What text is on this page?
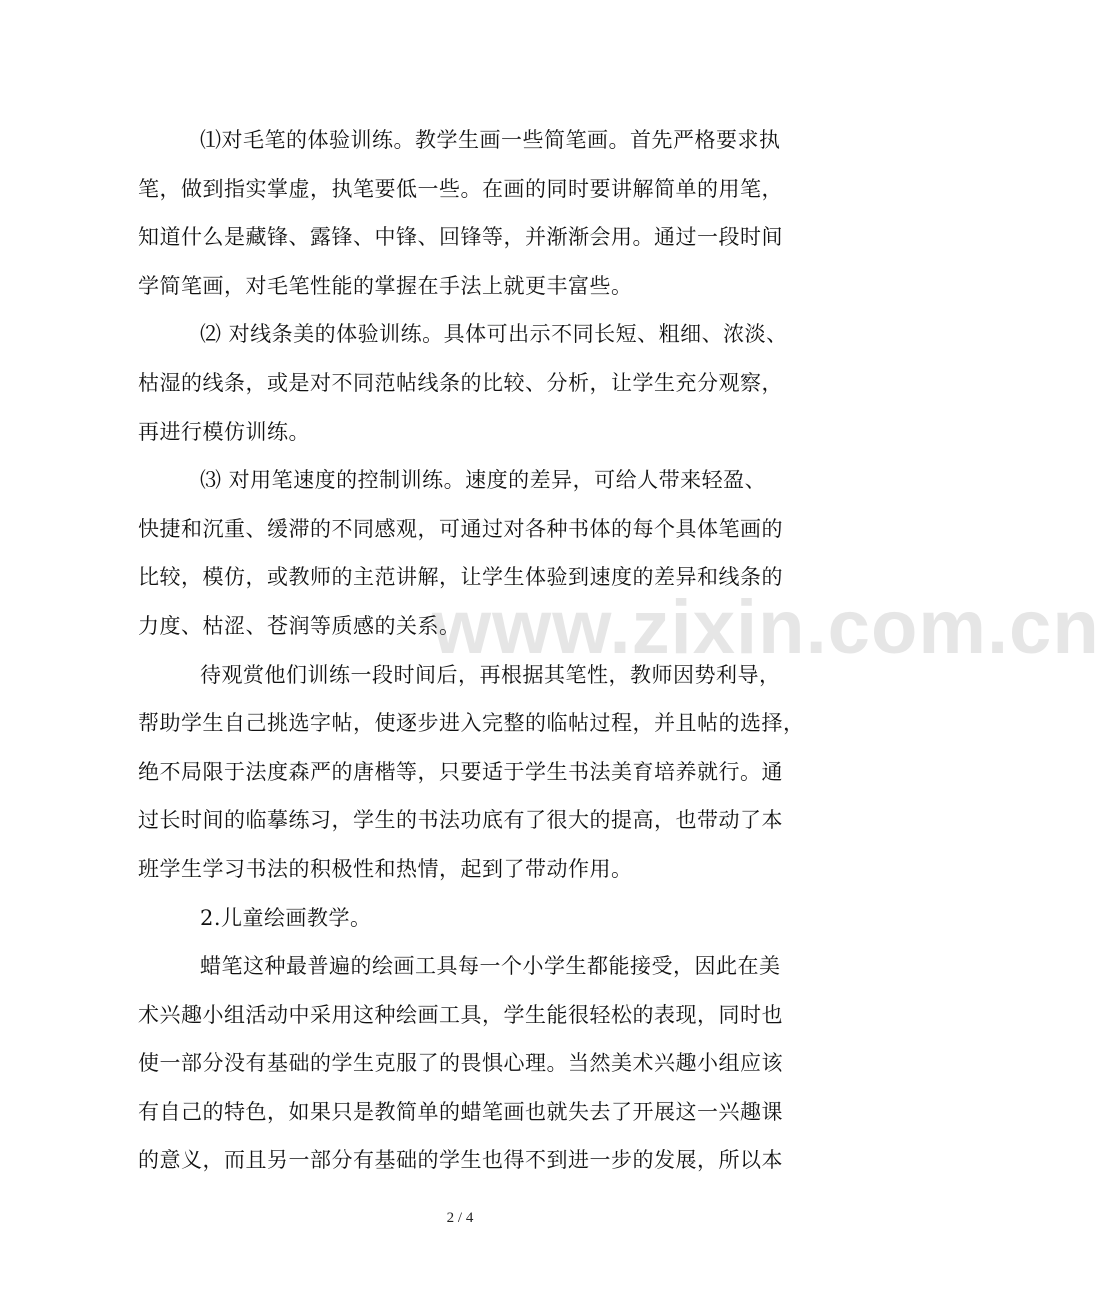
www.zixin.com.cn
⑴对毛笔的体验训练。教学生画一些简笔画。首先严格要求执
笔，做到指实掌虚，执笔要低一些。在画的同时要讲解简单的用笔，
知道什么是藏锋、露锋、中锋、回锋等，并渐渐会用。通过一段时间
学简笔画，对毛笔性能的掌握在手法上就更丰富些。
⑵ 对线条美的体验训练。具体可出示不同长短、粗细、浓淡、
枯湿的线条，或是对不同范帖线条的比较、分析，让学生充分观察，
再进行模仿训练。
⑶ 对用笔速度的控制训练。速度的差异，可给人带来轻盈、
快捷和沉重、缓滞的不同感观，可通过对各种书体的每个具体笔画的
比较，模仿，或教师的主范讲解，让学生体验到速度的差异和线条的
力度、枯涩、苍润等质感的关系。
待观赏他们训练一段时间后，再根据其笔性，教师因势利导，
帮助学生自己挑选字帖，使逐步进入完整的临帖过程，并且帖的选择，
绝不局限于法度森严的唐楷等，只要适于学生书法美育培养就行。通
过长时间的临摹练习，学生的书法功底有了很大的提高，也带动了本
班学生学习书法的积极性和热情，起到了带动作用。
2.儿童绘画教学。
蜡笔这种最普遍的绘画工具每一个小学生都能接受，因此在美
术兴趣小组活动中采用这种绘画工具，学生能很轻松的表现，同时也
使一部分没有基础的学生克服了的畏惧心理。当然美术兴趣小组应该
有自己的特色，如果只是教简单的蜡笔画也就失去了开展这一兴趣课
的意义，而且另一部分有基础的学生也得不到进一步的发展，所以本
2 / 4
